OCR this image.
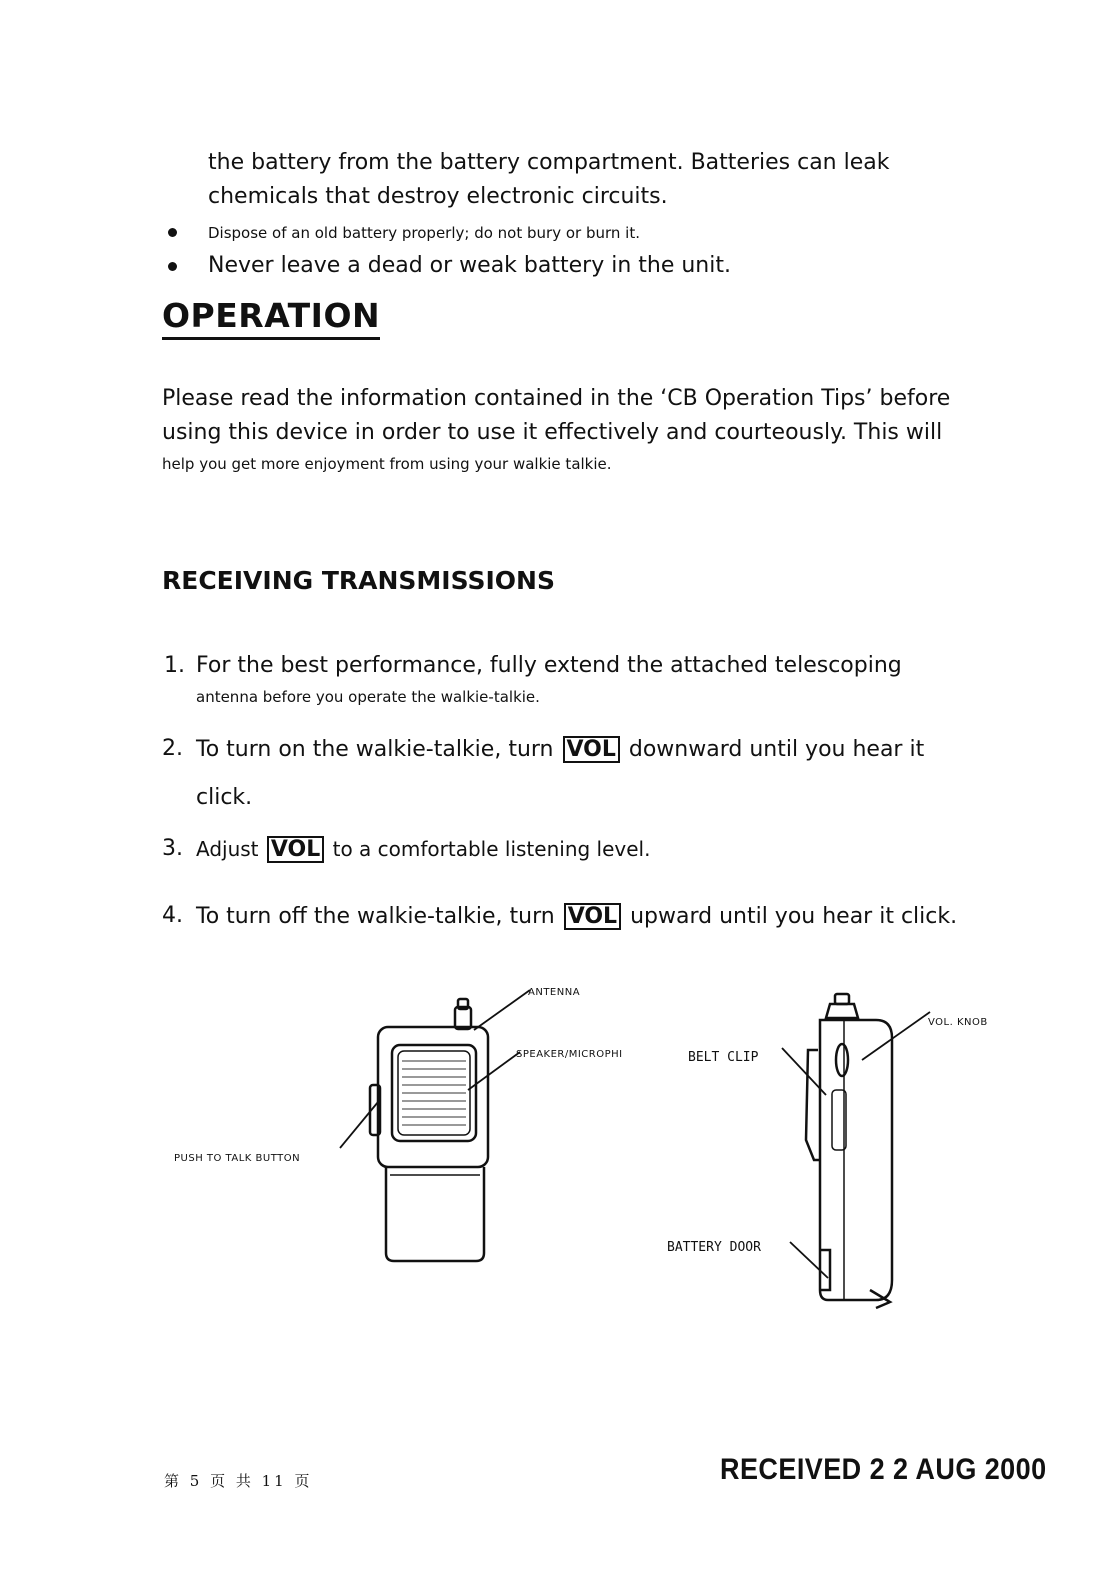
the battery from the battery compartment. Batteries can leak
chemicals that destroy electronic circuits.
Dispose of an old battery properly; do not bury or burn it.
Never leave a dead or weak battery in the unit.
OPERATION
Please read the information contained in the ‘CB Operation Tips’ before
using this device in order to use it effectively and courteously. This will
help you get more enjoyment from using your walkie talkie.
RECEIVING TRANSMISSIONS
1. For the best performance, fully extend the attached telescoping
antenna before you operate the walkie-talkie.
2. To turn on the walkie-talkie, turn VOL downward until you hear it
click.
3. Adjust VOL to a comfortable listening level.
4. To turn off the walkie-talkie, turn VOL upward until you hear it click.
ANTENNA
SPEAKER/MICROPHI
PUSH TO TALK BUTTON
BELT CLIP
VOL. KNOB
BATTERY DOOR
第 5 页 共 11 页	RECEIVED 2 2 AUG 2000
